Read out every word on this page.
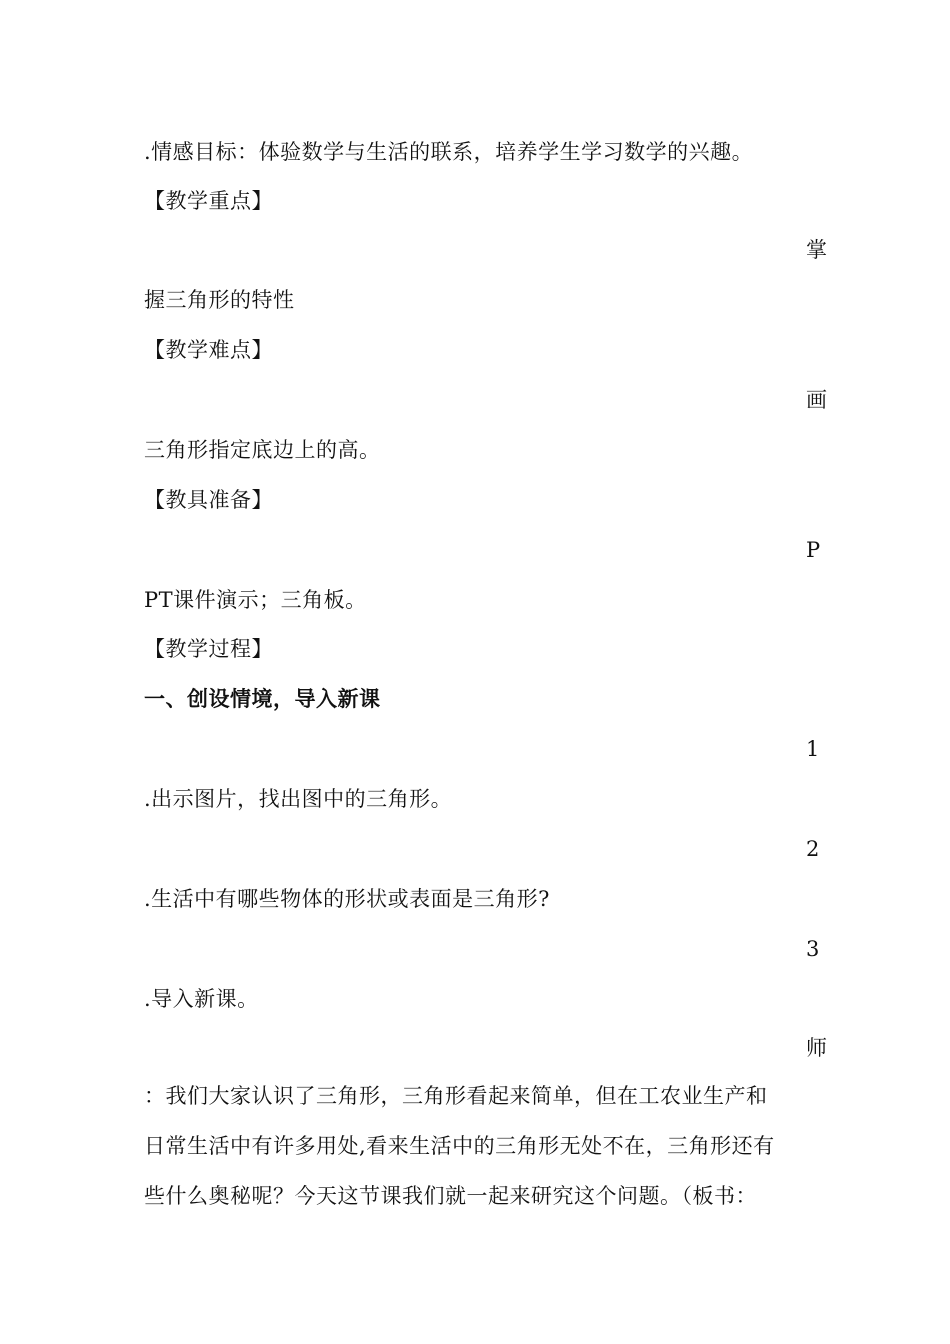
.情感目标：体验数学与生活的联系，培养学生学习数学的兴趣。
【教学重点】
掌
握三角形的特性
【教学难点】
画
三角形指定底边上的高。
【教具准备】
P
PT课件演示；三角板。
【教学过程】
一、创设情境，导入新课
1
.出示图片，找出图中的三角形。
2
.生活中有哪些物体的形状或表面是三角形?
3
.导入新课。
师
：我们大家认识了三角形，三角形看起来简单，但在工农业生产和
日常生活中有许多用处,看来生活中的三角形无处不在，三角形还有
些什么奥秘呢？今天这节课我们就一起来研究这个问题。（板书：
